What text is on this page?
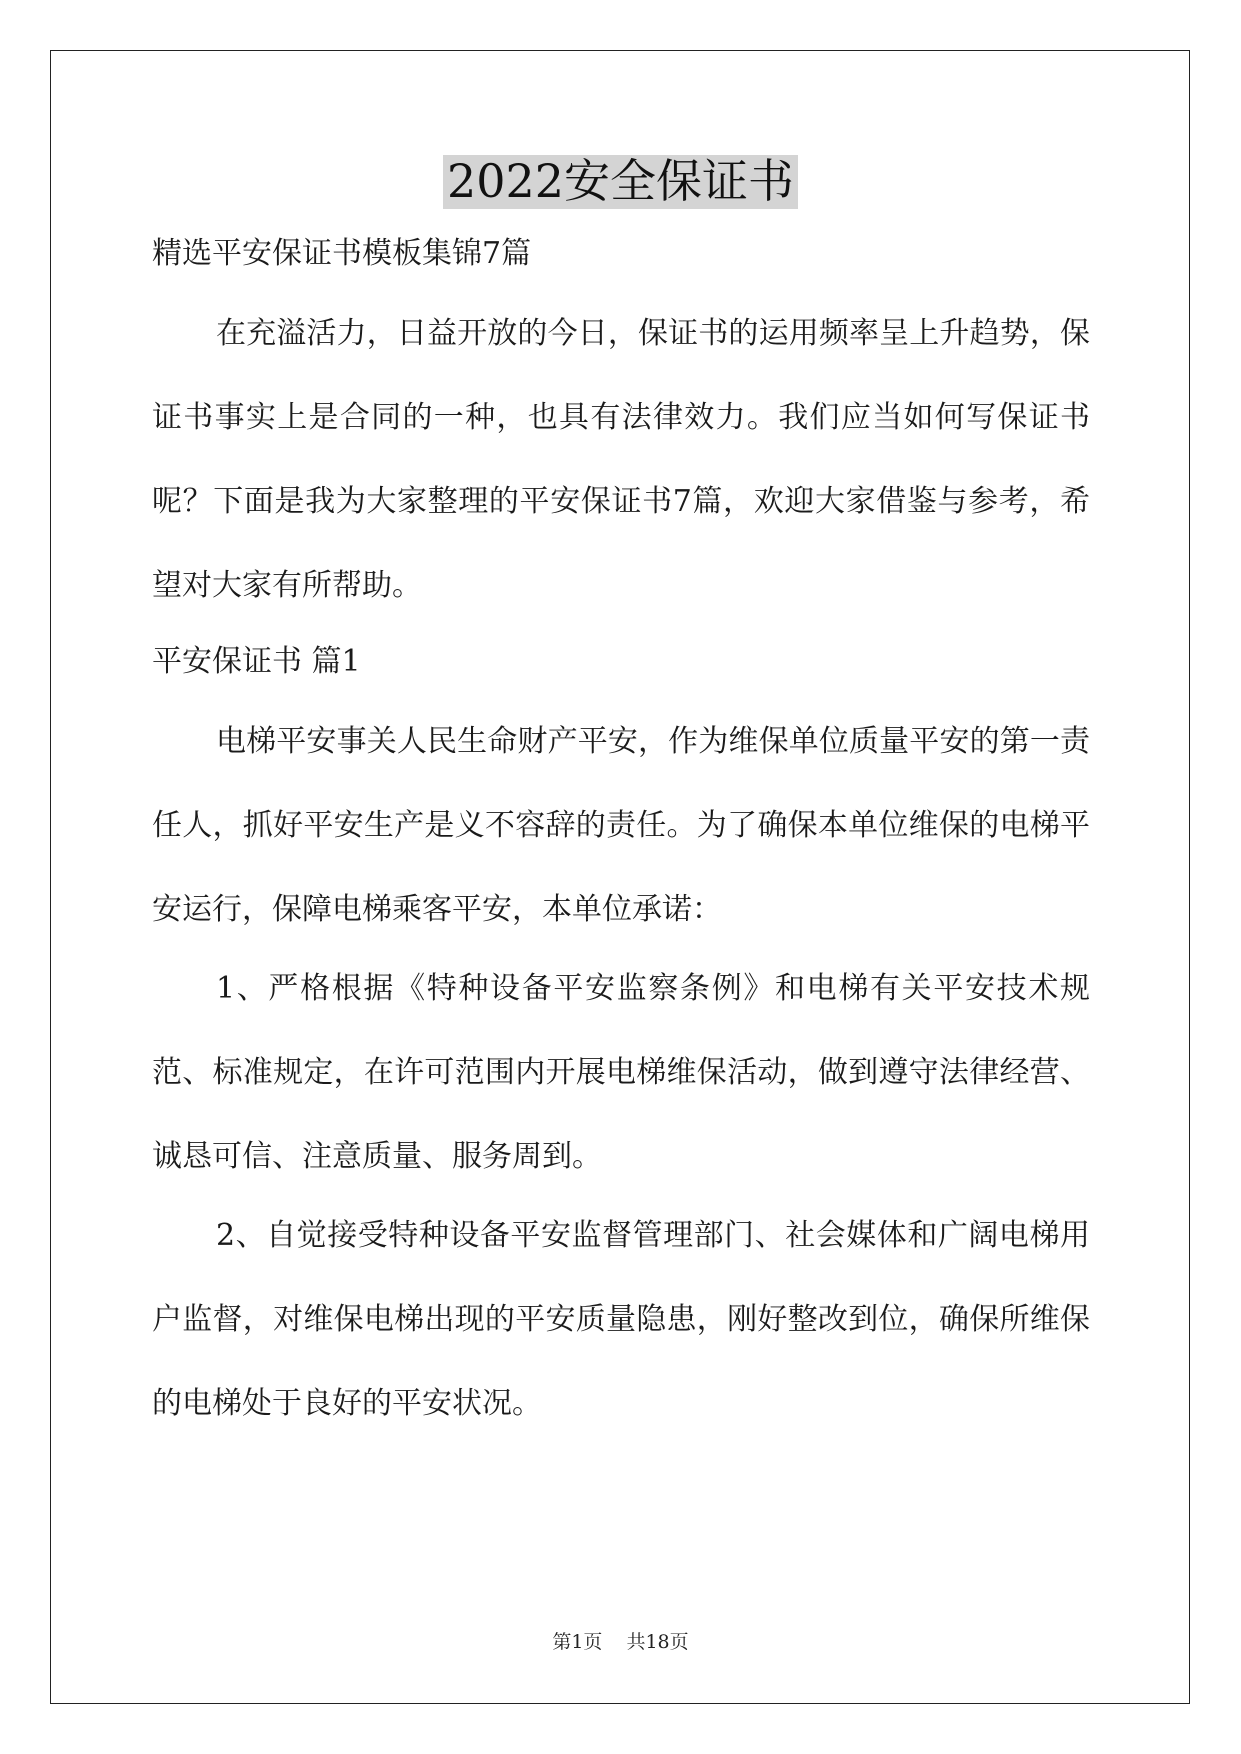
2022安全保证书

精选平安保证书模板集锦7篇

在充溢活力，日益开放的今日，保证书的运用频率呈上升趋势，保证书事实上是合同的一种，也具有法律效力。我们应当如何写保证书呢？下面是我为大家整理的平安保证书7篇，欢迎大家借鉴与参考，希望对大家有所帮助。

平安保证书 篇1

电梯平安事关人民生命财产平安，作为维保单位质量平安的第一责任人，抓好平安生产是义不容辞的责任。为了确保本单位维保的电梯平安运行，保障电梯乘客平安，本单位承诺：

1、严格根据《特种设备平安监察条例》和电梯有关平安技术规范、标准规定，在许可范围内开展电梯维保活动，做到遵守法律经营、诚恳可信、注意质量、服务周到。

2、自觉接受特种设备平安监督管理部门、社会媒体和广阔电梯用户监督，对维保电梯出现的平安质量隐患，刚好整改到位，确保所维保的电梯处于良好的平安状况。

第1页 共18页
